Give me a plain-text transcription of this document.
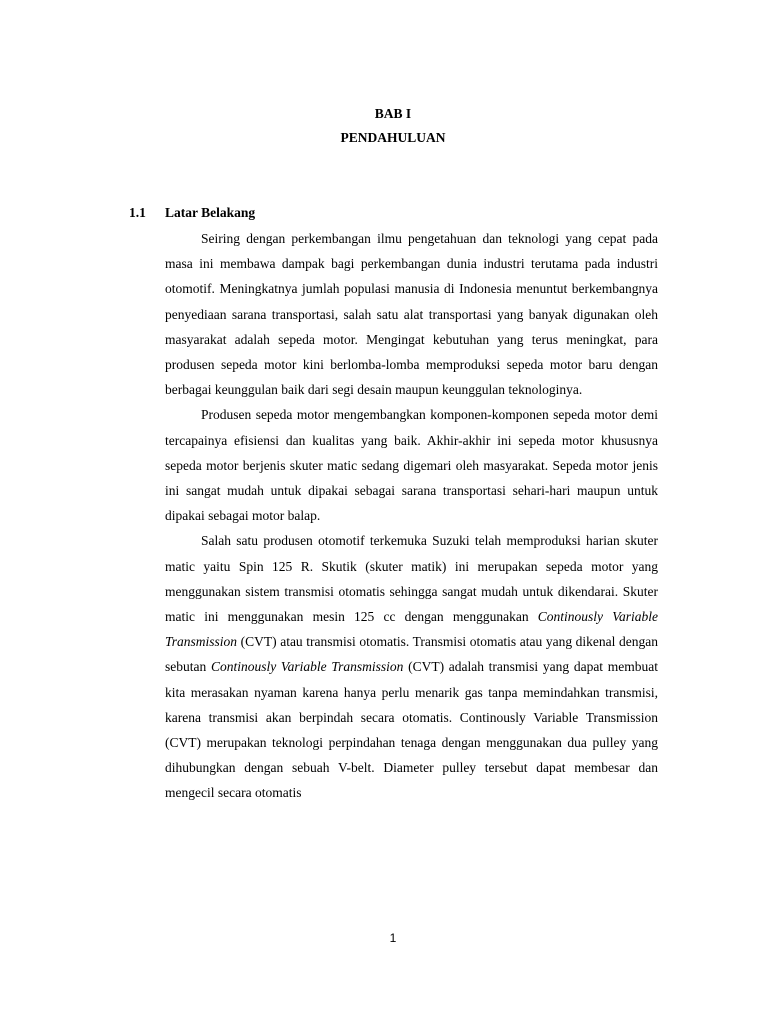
BAB I
PENDAHULUAN
1.1 Latar Belakang

Seiring dengan perkembangan ilmu pengetahuan dan teknologi yang cepat pada masa ini membawa dampak bagi perkembangan dunia industri terutama pada industri otomotif. Meningkatnya jumlah populasi manusia di Indonesia menuntut berkembangnya penyediaan sarana transportasi, salah satu alat transportasi yang banyak digunakan oleh masyarakat adalah sepeda motor. Mengingat kebutuhan yang terus meningkat, para produsen sepeda motor kini berlomba-lomba memproduksi sepeda motor baru dengan berbagai keunggulan baik dari segi desain maupun keunggulan teknologinya.

Produsen sepeda motor mengembangkan komponen-komponen sepeda motor demi tercapainya efisiensi dan kualitas yang baik. Akhir-akhir ini sepeda motor khususnya sepeda motor berjenis skuter matic sedang digemari oleh masyarakat. Sepeda motor jenis ini sangat mudah untuk dipakai sebagai sarana transportasi sehari-hari maupun untuk dipakai sebagai motor balap.

Salah satu produsen otomotif terkemuka Suzuki telah memproduksi harian skuter matic yaitu Spin 125 R. Skutik (skuter matik) ini merupakan sepeda motor yang menggunakan sistem transmisi otomatis sehingga sangat mudah untuk dikendarai. Skuter matic ini menggunakan mesin 125 cc dengan menggunakan Continously Variable Transmission (CVT) atau transmisi otomatis. Transmisi otomatis atau yang dikenal dengan sebutan Continously Variable Transmission (CVT) adalah transmisi yang dapat membuat kita merasakan nyaman karena hanya perlu menarik gas tanpa memindahkan transmisi, karena transmisi akan berpindah secara otomatis. Continously Variable Transmission (CVT) merupakan teknologi perpindahan tenaga dengan menggunakan dua pulley yang dihubungkan dengan sebuah V-belt. Diameter pulley tersebut dapat membesar dan mengecil secara otomatis

1
